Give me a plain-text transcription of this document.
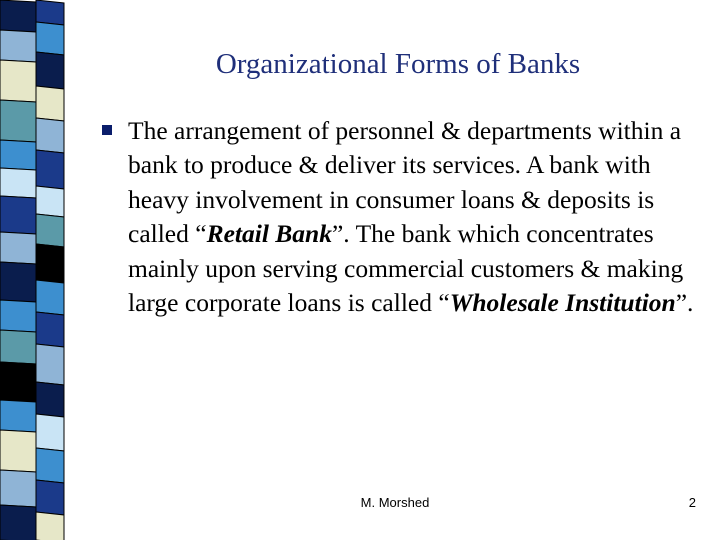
Organizational Forms of Banks
The arrangement of personnel & departments within a bank to produce & deliver its services. A bank with heavy involvement in consumer loans & deposits is called “Retail Bank”. The bank which concentrates mainly upon serving commercial customers & making large corporate loans is called “Wholesale Institution”.
M. Morshed	2
